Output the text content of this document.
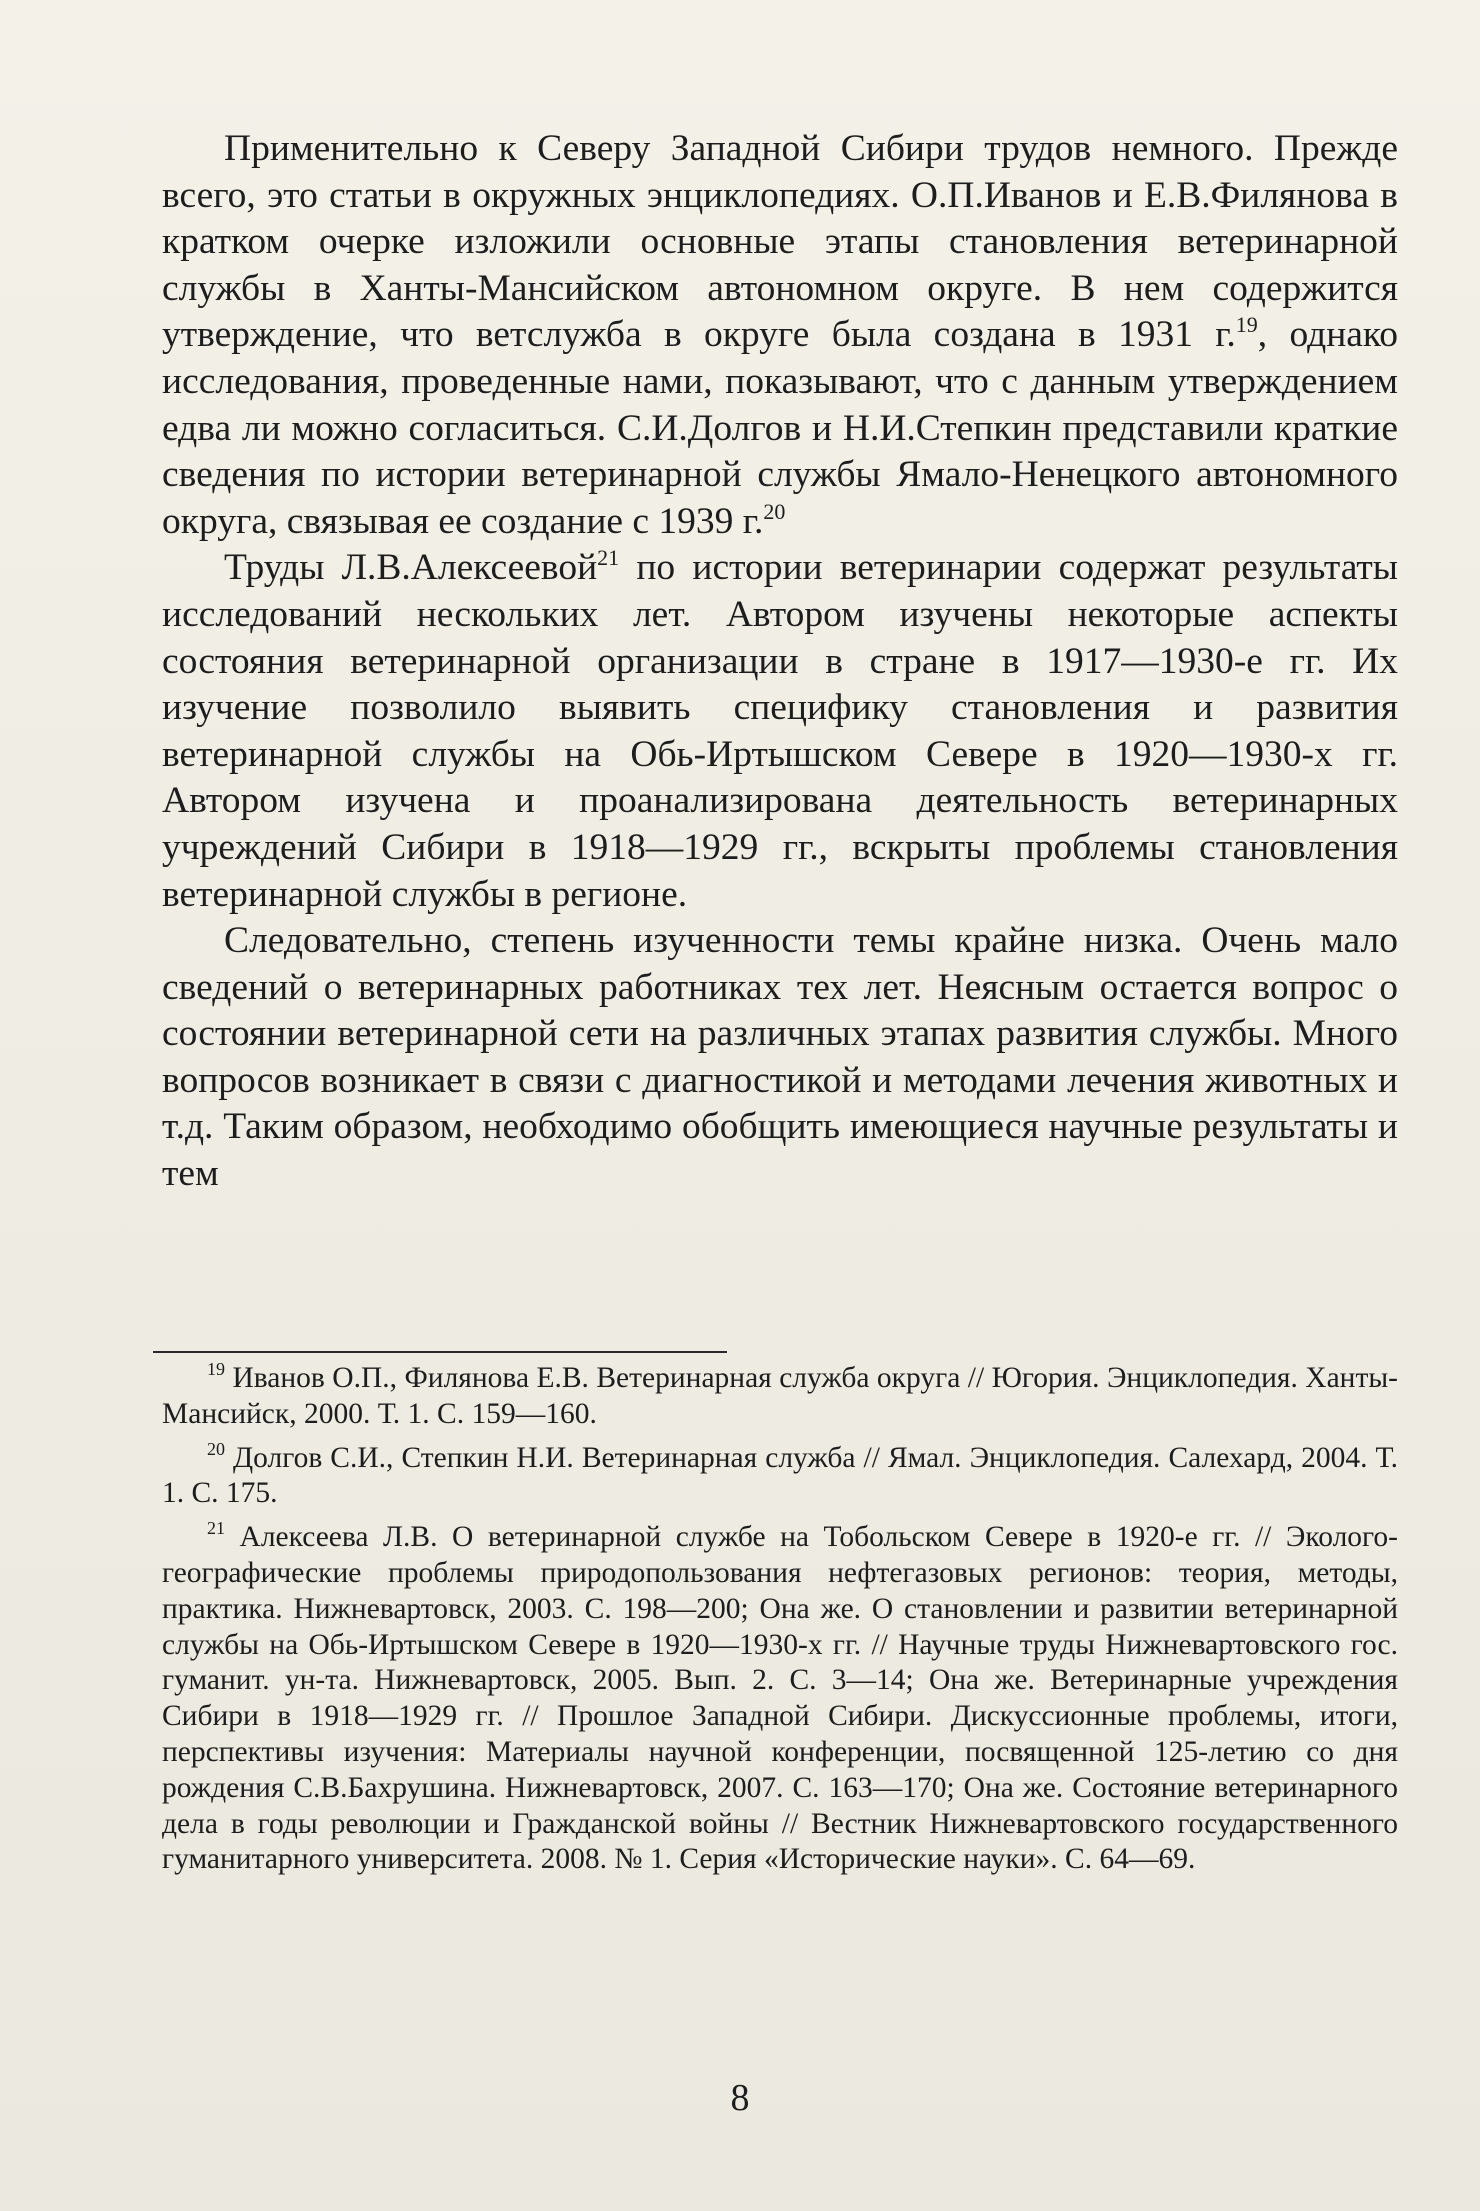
Применительно к Северу Западной Сибири трудов немного. Прежде всего, это статьи в окружных энциклопедиях. О.П.Иванов и Е.В.Филянова в кратком очерке изложили основные этапы становления ветеринарной службы в Ханты-Мансийском автономном округе. В нем содержится утверждение, что ветслужба в округе была создана в 1931 г.$^{19}$, однако исследования, проведенные нами, показывают, что с данным утверждением едва ли можно согласиться. С.И.Долгов и Н.И.Степкин представили краткие сведения по истории ветеринарной службы Ямало-Ненецкого автономного округа, связывая ее создание с 1939 г.$^{20}$

Труды Л.В.Алексеевой$^{21}$ по истории ветеринарии содержат результаты исследований нескольких лет. Автором изучены некоторые аспекты состояния ветеринарной организации в стране в 1917—1930-е гг. Их изучение позволило выявить специфику становления и развития ветеринарной службы на Обь-Иртышском Севере в 1920—1930-х гг. Автором изучена и проанализирована деятельность ветеринарных учреждений Сибири в 1918—1929 гг., вскрыты проблемы становления ветеринарной службы в регионе.

Следовательно, степень изученности темы крайне низка. Очень мало сведений о ветеринарных работниках тех лет. Неясным остается вопрос о состоянии ветеринарной сети на различных этапах развития службы. Много вопросов возникает в связи с диагностикой и методами лечения животных и т.д. Таким образом, необходимо обобщить имеющиеся научные результаты и тем

$^{19}$ Иванов О.П., Филянова Е.В. Ветеринарная служба округа // Югория. Энциклопедия. Ханты-Мансийск, 2000. Т. 1. С. 159—160.

$^{20}$ Долгов С.И., Степкин Н.И. Ветеринарная служба // Ямал. Энциклопедия. Салехард, 2004. Т. 1. С. 175.

$^{21}$ Алексеева Л.В. О ветеринарной службе на Тобольском Севере в 1920-е гг. // Эколого-географические проблемы природопользования нефтегазовых регионов: теория, методы, практика. Нижневартовск, 2003. С. 198—200; Она же. О становлении и развитии ветеринарной службы на Обь-Иртышском Севере в 1920—1930-х гг. // Научные труды Нижневартовского гос. гуманит. ун-та. Нижневартовск, 2005. Вып. 2. С. 3—14; Она же. Ветеринарные учреждения Сибири в 1918—1929 гг. // Прошлое Западной Сибири. Дискуссионные проблемы, итоги, перспективы изучения: Материалы научной конференции, посвященной 125-летию со дня рождения С.В.Бахрушина. Нижневартовск, 2007. С. 163—170; Она же. Состояние ветеринарного дела в годы революции и Гражданской войны // Вестник Нижневартовского государственного гуманитарного университета. 2008. № 1. Серия «Исторические науки». С. 64—69.

8
